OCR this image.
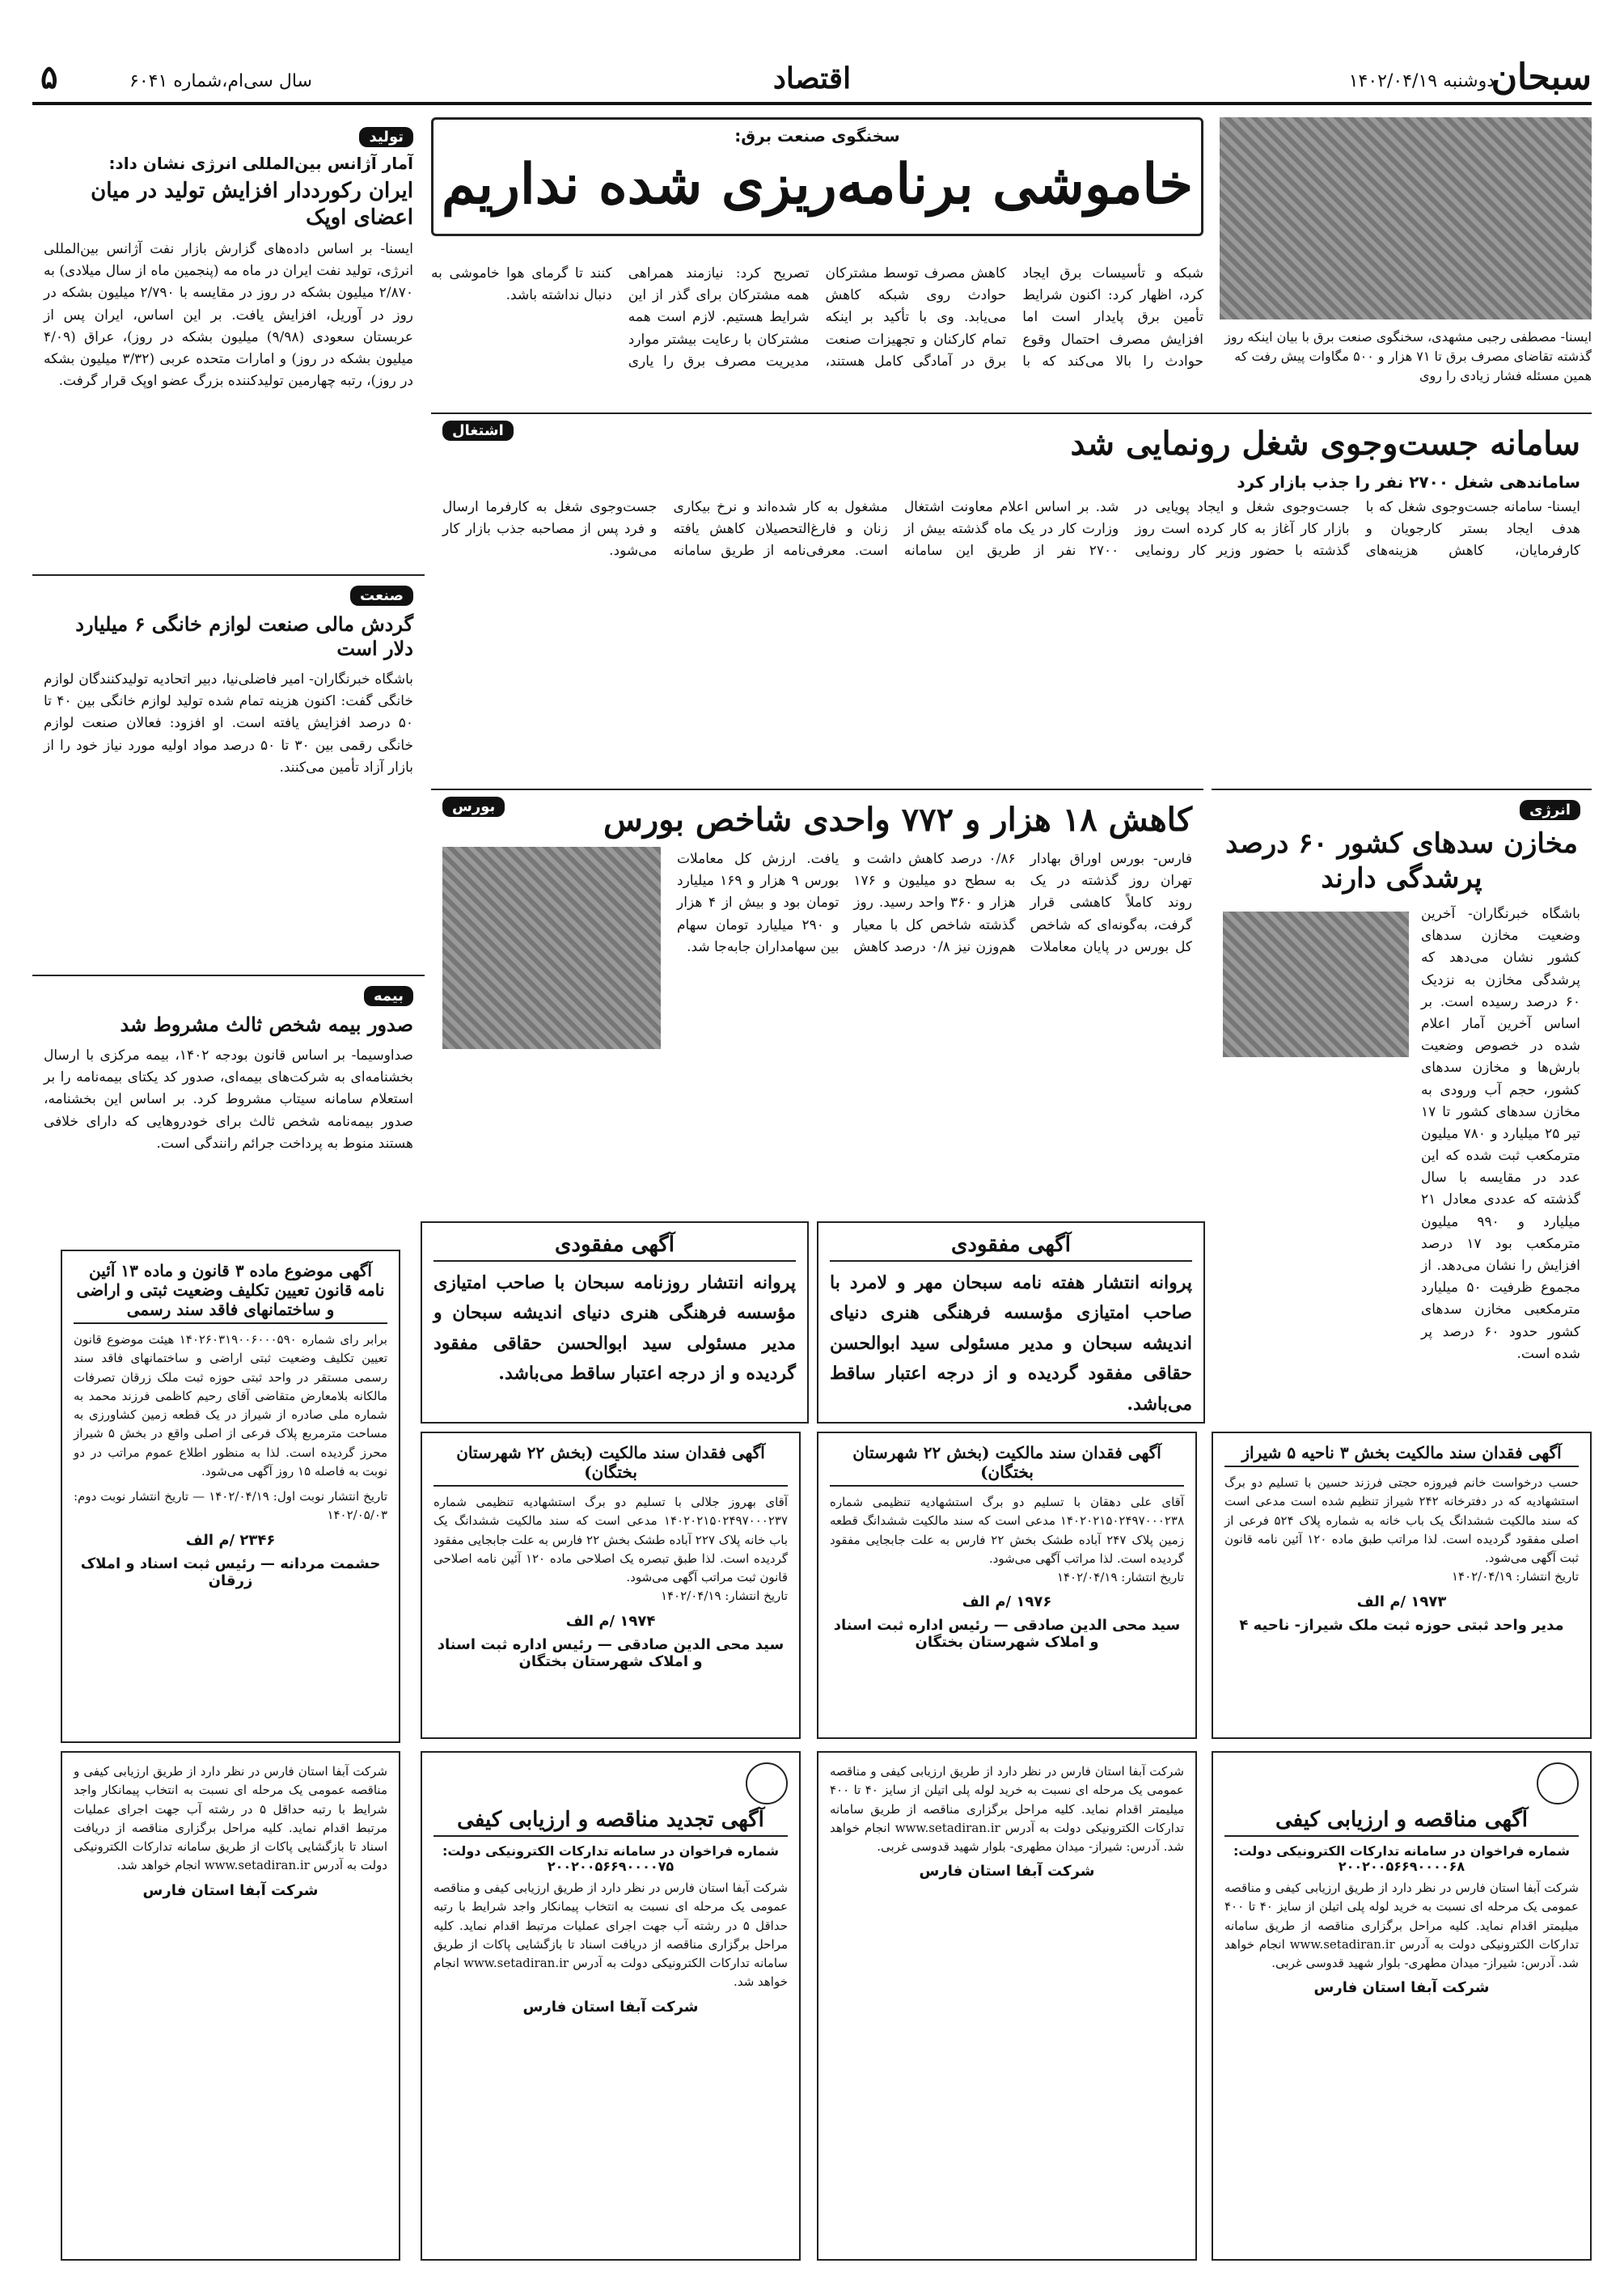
سبحان
دوشنبه ۱۴۰۲/۰۴/۱۹
اقتصاد
سال سی‌ام،شماره ۶۰۴۱
۵
ایسنا- مصطفی رجبی مشهدی، سخنگوی صنعت برق با بیان اینکه روز گذشته تقاضای مصرف برق تا ۷۱ هزار و ۵۰۰ مگاوات پیش رفت که همین مسئله فشار زیادی را روی
سخنگوی صنعت برق:
خاموشی برنامه‌ریزی شده نداریم
شبکه و تأسیسات برق ایجاد کرد، اظهار کرد: اکنون شرایط تأمین برق پایدار است اما افزایش مصرف احتمال وقوع حوادث را بالا می‌کند که با کاهش مصرف توسط مشترکان حوادث روی شبکه کاهش می‌یابد. وی با تأکید بر اینکه تمام کارکنان و تجهیزات صنعت برق در آمادگی کامل هستند، تصریح کرد: نیازمند همراهی همه مشترکان برای گذر از این شرایط هستیم. لازم است همه مشترکان با رعایت بیشتر موارد مدیریت مصرف برق را یاری کنند تا گرمای هوا خاموشی به دنبال نداشته باشد.
تولید
آمار آژانس بین‌المللی انرژی نشان داد:
ایران رکورددار افزایش تولید در میان اعضای اوپک
ایسنا- بر اساس داده‌های گزارش بازار نفت آژانس بین‌المللی انرژی، تولید نفت ایران در ماه مه (پنجمین ماه از سال میلادی) به ۲/۸۷۰ میلیون بشکه در روز در مقایسه با ۲/۷۹۰ میلیون بشکه در روز در آوریل، افزایش یافت. بر این اساس، ایران پس از عربستان سعودی (۹/۹۸) میلیون بشکه در روز)، عراق (۴/۰۹ میلیون بشکه در روز) و امارات متحده عربی (۳/۳۲ میلیون بشکه در روز)، رتبه چهارمین تولیدکننده بزرگ عضو اوپک قرار گرفت.
صنعت
گردش مالی صنعت لوازم خانگی ۶ میلیارد دلار است
باشگاه خبرنگاران- امیر فاضلی‌نیا، دبیر اتحادیه تولیدکنندگان لوازم خانگی گفت: اکنون هزینه تمام شده تولید لوازم خانگی بین ۴۰ تا ۵۰ درصد افزایش یافته است. او افزود: فعالان صنعت لوازم خانگی رقمی بین ۳۰ تا ۵۰ درصد مواد اولیه مورد نیاز خود را از بازار آزاد تأمین می‌کنند.
بیمه
صدور بیمه شخص ثالث مشروط شد
صداوسیما- بر اساس قانون بودجه ۱۴۰۲، بیمه مرکزی با ارسال بخشنامه‌ای به شرکت‌های بیمه‌ای، صدور کد یکتای بیمه‌نامه را بر استعلام سامانه سیتاب مشروط کرد. بر اساس این بخشنامه، صدور بیمه‌نامه شخص ثالث برای خودروهایی که دارای خلافی هستند منوط به پرداخت جرائم رانندگی است.
اشتغال	سامانه جست‌وجوی شغل رونمایی شد
ساماندهی شغل ۲۷۰۰ نفر را جذب بازار کرد
ایسنا- سامانه جست‌وجوی شغل که با هدف ایجاد بستر کارجویان و کارفرمایان، کاهش هزینه‌های جست‌وجوی شغل و ایجاد پویایی در بازار کار آغاز به کار کرده است روز گذشته با حضور وزیر کار رونمایی شد. بر اساس اعلام معاونت اشتغال وزارت کار در یک ماه گذشته بیش از ۲۷۰۰ نفر از طریق این سامانه مشغول به کار شده‌اند و نرخ بیکاری زنان و فارغ‌التحصیلان کاهش یافته است. معرفی‌نامه از طریق سامانه جست‌وجوی شغل به کارفرما ارسال و فرد پس از مصاحبه جذب بازار کار می‌شود.
انرژی
مخازن سدهای کشور ۶۰ درصد پرشدگی دارند
باشگاه خبرنگاران- آخرین وضعیت مخازن سدهای کشور نشان می‌دهد که پرشدگی مخازن به نزدیک ۶۰ درصد رسیده است. بر اساس آخرین آمار اعلام شده در خصوص وضعیت بارش‌ها و مخازن سدهای کشور، حجم آب ورودی به مخازن سدهای کشور تا ۱۷ تیر ۲۵ میلیارد و ۷۸۰ میلیون مترمکعب ثبت شده که این عدد در مقایسه با سال گذشته که عددی معادل ۲۱ میلیارد و ۹۹۰ میلیون مترمکعب بود ۱۷ درصد افزایش را نشان می‌دهد. از مجموع ظرفیت ۵۰ میلیارد مترمکعبی مخازن سدهای کشور حدود ۶۰ درصد پر شده است.
بورس	کاهش ۱۸ هزار و ۷۷۲ واحدی شاخص بورس
فارس- بورس اوراق بهادار تهران روز گذشته در یک روند کاملاً کاهشی قرار گرفت، به‌گونه‌ای که شاخص کل بورس در پایان معاملات ۰/۸۶ درصد کاهش داشت و به سطح دو میلیون و ۱۷۶ هزار و ۳۶۰ واحد رسید. روز گذشته شاخص کل با معیار هم‌وزن نیز ۰/۸ درصد کاهش یافت. ارزش کل معاملات بورس ۹ هزار و ۱۶۹ میلیارد تومان بود و بیش از ۴ هزار و ۲۹۰ میلیارد تومان سهام بین سهامداران جابه‌جا شد.
آگهی موضوع ماده ۳ قانون و ماده ۱۳ آئین نامه قانون تعیین تکلیف وضعیت ثبتی و اراضی و ساختمانهای فاقد سند رسمی
برابر رای شماره ۱۴۰۲۶۰۳۱۹۰۰۶۰۰۰۵۹۰ هیئت موضوع قانون تعیین تکلیف وضعیت ثبتی اراضی و ساختمانهای فاقد سند رسمی مستقر در واحد ثبتی حوزه ثبت ملک زرقان تصرفات مالکانه بلامعارض متقاضی آقای رحیم کاظمی فرزند محمد به شماره ملی صادره از شیراز در یک قطعه زمین کشاورزی به مساحت مترمربع پلاک فرعی از اصلی واقع در بخش ۵ شیراز محرز گردیده است. لذا به منظور اطلاع عموم مراتب در دو نوبت به فاصله ۱۵ روز آگهی می‌شود.
تاریخ انتشار نوبت اول: ۱۴۰۲/۰۴/۱۹ — تاریخ انتشار نوبت دوم: ۱۴۰۲/۰۵/۰۳
۲۳۴۶ /م الف
حشمت مردانه — رئیس ثبت اسناد و املاک زرقان
آگهی مفقودی
پروانه انتشار روزنامه سبحان با صاحب امتیازی مؤسسه فرهنگی هنری دنیای اندیشه سبحان و مدیر مسئولی سید ابوالحسن حقاقی مفقود گردیده و از درجه اعتبار ساقط می‌باشد.
آگهی مفقودی
پروانه انتشار هفته نامه سبحان مهر و لامرد با صاحب امتیازی مؤسسه فرهنگی هنری دنیای اندیشه سبحان و مدیر مسئولی سید ابوالحسن حقاقی مفقود گردیده و از درجه اعتبار ساقط می‌باشد.
آگهی فقدان سند مالکیت (بخش ۲۲ شهرستان بختگان)
آقای بهروز جلالی با تسلیم دو برگ استشهادیه تنظیمی شماره ۱۴۰۲۰۲۱۵۰۲۴۹۷۰۰۰۲۳۷ مدعی است که سند مالکیت ششدانگ یک باب خانه پلاک ۲۲۷ آباده طشک بخش ۲۲ فارس به علت جابجایی مفقود گردیده است. لذا طبق تبصره یک اصلاحی ماده ۱۲۰ آئین نامه اصلاحی قانون ثبت مراتب آگهی می‌شود.
تاریخ انتشار: ۱۴۰۲/۰۴/۱۹
۱۹۷۴ /م الف
سید محی الدین صادقی — رئیس اداره ثبت اسناد و املاک شهرستان بختگان
آگهی فقدان سند مالکیت (بخش ۲۲ شهرستان بختگان)
آقای علی دهقان با تسلیم دو برگ استشهادیه تنظیمی شماره ۱۴۰۲۰۲۱۵۰۲۴۹۷۰۰۰۲۳۸ مدعی است که سند مالکیت ششدانگ قطعه زمین پلاک ۲۴۷ آباده طشک بخش ۲۲ فارس به علت جابجایی مفقود گردیده است. لذا مراتب آگهی می‌شود.
تاریخ انتشار: ۱۴۰۲/۰۴/۱۹
۱۹۷۶ /م الف
سید محی الدین صادقی — رئیس اداره ثبت اسناد و املاک شهرستان بختگان
آگهی فقدان سند مالکیت بخش ۳ ناحیه ۵ شیراز
حسب درخواست خانم فیروزه حجتی فرزند حسین با تسلیم دو برگ استشهادیه که در دفترخانه ۲۴۲ شیراز تنظیم شده است مدعی است که سند مالکیت ششدانگ یک باب خانه به شماره پلاک ۵۲۴ فرعی از اصلی مفقود گردیده است. لذا مراتب طبق ماده ۱۲۰ آئین نامه قانون ثبت آگهی می‌شود.
تاریخ انتشار: ۱۴۰۲/۰۴/۱۹
۱۹۷۳ /م الف
مدیر واحد ثبتی حوزه ثبت ملک شیراز- ناحیه ۴
آگهی مناقصه و ارزیابی کیفی
شماره فراخوان در سامانه تدارکات الکترونیکی دولت: ۲۰۰۲۰۰۵۶۶۹۰۰۰۰۶۸
شرکت آبفا استان فارس در نظر دارد از طریق ارزیابی کیفی و مناقصه عمومی یک مرحله ای نسبت به خرید لوله پلی اتیلن از سایز ۴۰ تا ۴۰۰ میلیمتر اقدام نماید. کلیه مراحل برگزاری مناقصه از طریق سامانه تدارکات الکترونیکی دولت به آدرس www.setadiran.ir انجام خواهد شد. آدرس: شیراز- میدان مطهری- بلوار شهید قدوسی غربی.
شرکت آبفا استان فارس
شرکت آبفا استان فارس در نظر دارد از طریق ارزیابی کیفی و مناقصه عمومی یک مرحله ای نسبت به خرید لوله پلی اتیلن از سایز ۴۰ تا ۴۰۰ میلیمتر اقدام نماید. کلیه مراحل برگزاری مناقصه از طریق سامانه تدارکات الکترونیکی دولت به آدرس www.setadiran.ir انجام خواهد شد. آدرس: شیراز- میدان مطهری- بلوار شهید قدوسی غربی.
شرکت آبفا استان فارس
آگهی تجدید مناقصه و ارزیابی کیفی
شماره فراخوان در سامانه تدارکات الکترونیکی دولت: ۲۰۰۲۰۰۵۶۶۹۰۰۰۰۷۵
شرکت آبفا استان فارس در نظر دارد از طریق ارزیابی کیفی و مناقصه عمومی یک مرحله ای نسبت به انتخاب پیمانکار واجد شرایط با رتبه حداقل ۵ در رشته آب جهت اجرای عملیات مرتبط اقدام نماید. کلیه مراحل برگزاری مناقصه از دریافت اسناد تا بازگشایی پاکات از طریق سامانه تدارکات الکترونیکی دولت به آدرس www.setadiran.ir انجام خواهد شد.
شرکت آبفا استان فارس
شرکت آبفا استان فارس در نظر دارد از طریق ارزیابی کیفی و مناقصه عمومی یک مرحله ای نسبت به انتخاب پیمانکار واجد شرایط با رتبه حداقل ۵ در رشته آب جهت اجرای عملیات مرتبط اقدام نماید. کلیه مراحل برگزاری مناقصه از دریافت اسناد تا بازگشایی پاکات از طریق سامانه تدارکات الکترونیکی دولت به آدرس www.setadiran.ir انجام خواهد شد.
شرکت آبفا استان فارس
